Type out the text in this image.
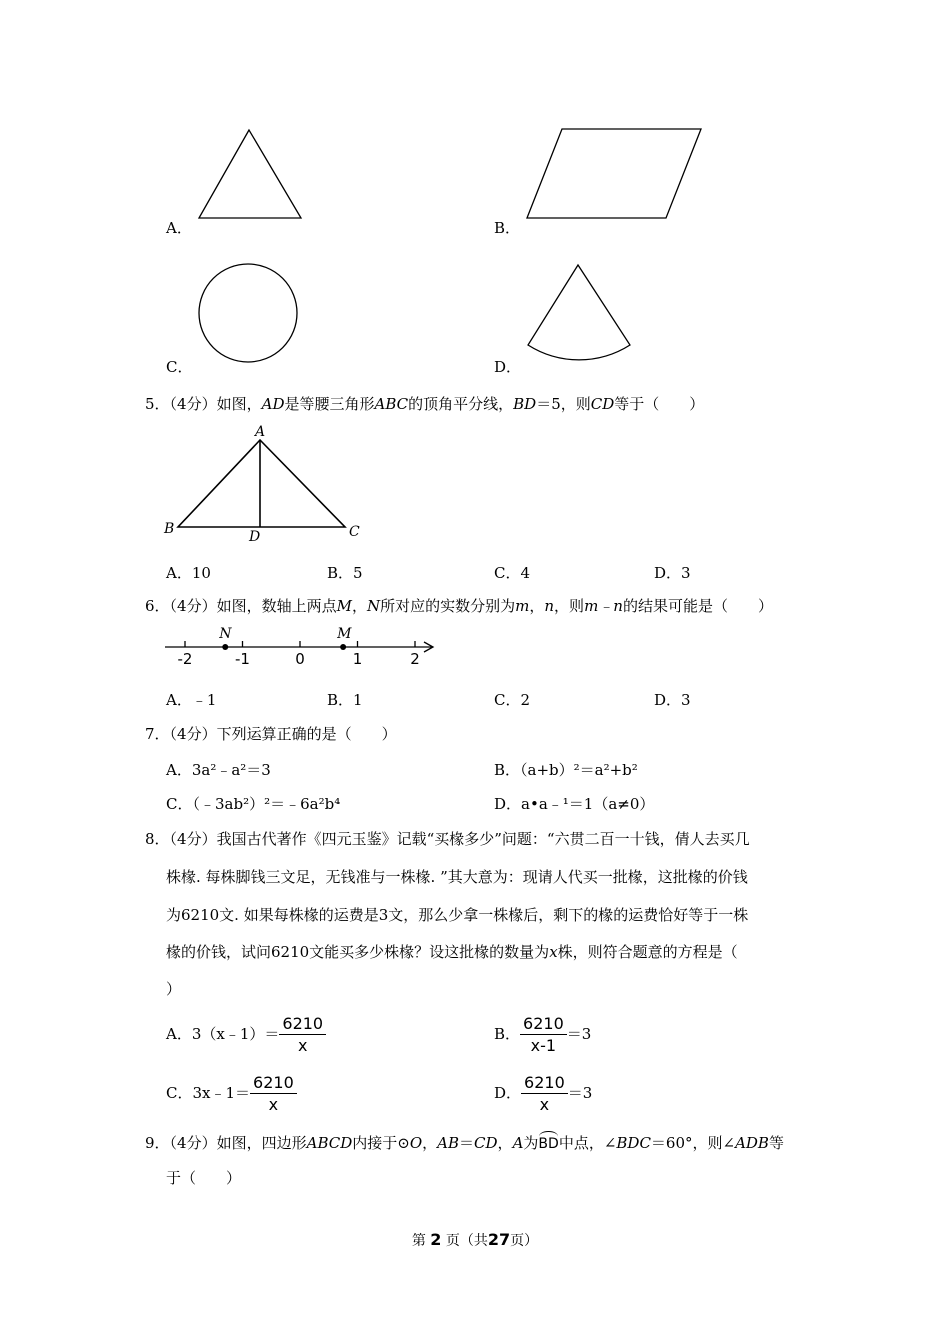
A．	B．
C．	D．
5．（4分）如图，AD是等腰三角形ABC的顶角平分线，BD＝5，则CD等于（　　）
A
B	C
D
A．10	B．5	C．4	D．3
6．（4分）如图，数轴上两点M，N所对应的实数分别为m，n，则m﹣n的结果可能是（　　）
-2	-1	0	1	2
N	M
A．﹣1	B．1	C．2	D．3
7．（4分）下列运算正确的是（　　）
A．3a²﹣a²＝3	B．（a+b）²＝a²+b²
C．（﹣3ab²）²＝﹣6a²b⁴	D．a•a﹣¹＝1（a≠0）
8．（4分）我国古代著作《四元玉鉴》记载“买椽多少”问题：“六贯二百一十钱，倩人去买几
株椽. 每株脚钱三文足，无钱准与一株椽. ”其大意为：现请人代买一批椽，这批椽的价钱
为6210文. 如果每株椽的运费是3文，那么少拿一株椽后，剩下的椽的运费恰好等于一株
椽的价钱，试问6210文能买多少株椽？设这批椽的数量为x株，则符合题意的方程是（
）
A．3（x﹣1）＝ $\frac{6210}{x}$	B． $\frac{6210}{x-1} =3$
C．3x﹣1＝ $\frac{6210}{x}$	D． $\frac{6210}{x} =3$
9．（4分）如图，四边形ABCD内接于⊙O，AB＝CD，A为BD中点，∠BDC＝60°，则∠ADB等
于（　　）
第 2 页（共27页）
